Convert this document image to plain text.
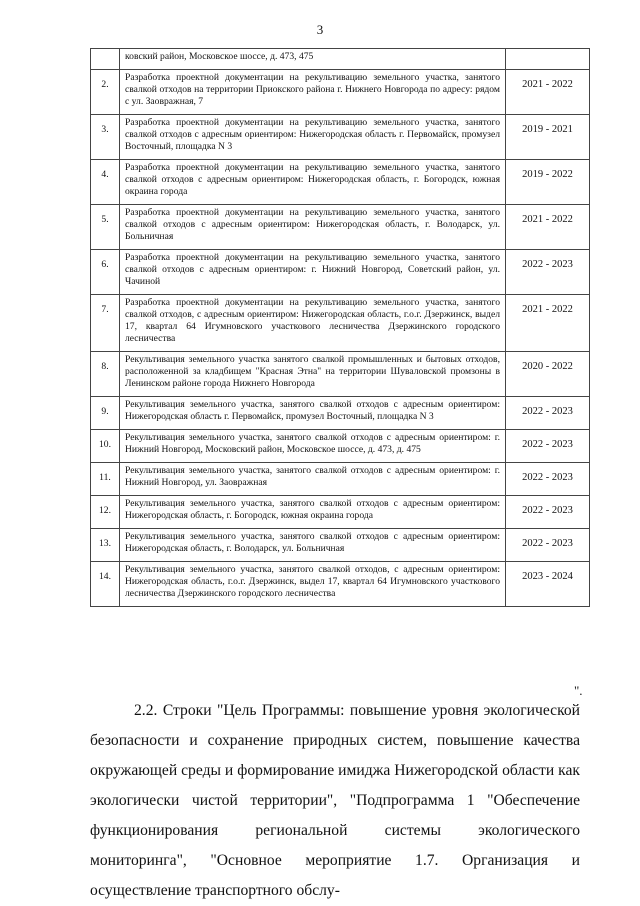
3
	ковский район, Московское шоссе, д. 473, 475	
2.	Разработка проектной документации на рекультивацию земельного участка, занятого свалкой отходов на территории Приокского района г. Нижнего Новгорода по адресу: рядом с ул. Заовражная, 7	2021 - 2022
3.	Разработка проектной документации на рекультивацию земельного участка, занятого свалкой отходов с адресным ориентиром: Нижегородская область г. Первомайск, промузел Восточный, площадка N 3	2019 - 2021
4.	Разработка проектной документации на рекультивацию земельного участка, занятого свалкой отходов с адресным ориентиром: Нижегородская область, г. Богородск, южная окраина города	2019 - 2022
5.	Разработка проектной документации на рекультивацию земельного участка, занятого свалкой отходов с адресным ориентиром: Нижегородская область, г. Володарск, ул. Больничная	2021 - 2022
6.	Разработка проектной документации на рекультивацию земельного участка, занятого свалкой отходов с адресным ориентиром: г. Нижний Новгород, Советский район, ул. Чачиной	2022 - 2023
7.	Разработка проектной документации на рекультивацию земельного участка, занятого свалкой отходов, с адресным ориентиром: Нижегородская область, г.о.г. Дзержинск, выдел 17, квартал 64 Игумновского участкового лесничества Дзержинского городского лесничества	2021 - 2022
8.	Рекультивация земельного участка занятого свалкой промышленных и бытовых отходов, расположенной за кладбищем "Красная Этна" на территории Шуваловской промзоны в Ленинском районе города Нижнего Новгорода	2020 - 2022
9.	Рекультивация земельного участка, занятого свалкой отходов с адресным ориентиром: Нижегородская область г. Первомайск, промузел Восточный, площадка N 3	2022 - 2023
10.	Рекультивация земельного участка, занятого свалкой отходов с адресным ориентиром: г. Нижний Новгород, Московский район, Московское шоссе, д. 473, д. 475	2022 - 2023
11.	Рекультивация земельного участка, занятого свалкой отходов с адресным ориентиром: г. Нижний Новгород, ул. Заовражная	2022 - 2023
12.	Рекультивация земельного участка, занятого свалкой отходов с адресным ориентиром: Нижегородская область, г. Богородск, южная окраина города	2022 - 2023
13.	Рекультивация земельного участка, занятого свалкой отходов с адресным ориентиром: Нижегородская область, г. Володарск, ул. Больничная	2022 - 2023
14.	Рекультивация земельного участка, занятого свалкой отходов, с адресным ориентиром: Нижегородская область, г.о.г. Дзержинск, выдел 17, квартал 64 Игумновского участкового лесничества Дзержинского городского лесничества	2023 - 2024
".

2.2. Строки "Цель Программы: повышение уровня экологической безопасности и сохранение природных систем, повышение качества окружающей среды и формирование имиджа Нижегородской области как экологически чистой территории", "Подпрограмма 1 "Обеспечение функционирования региональной системы экологического мониторинга", "Основное мероприятие 1.7. Организация и осуществление транспортного обслу-
